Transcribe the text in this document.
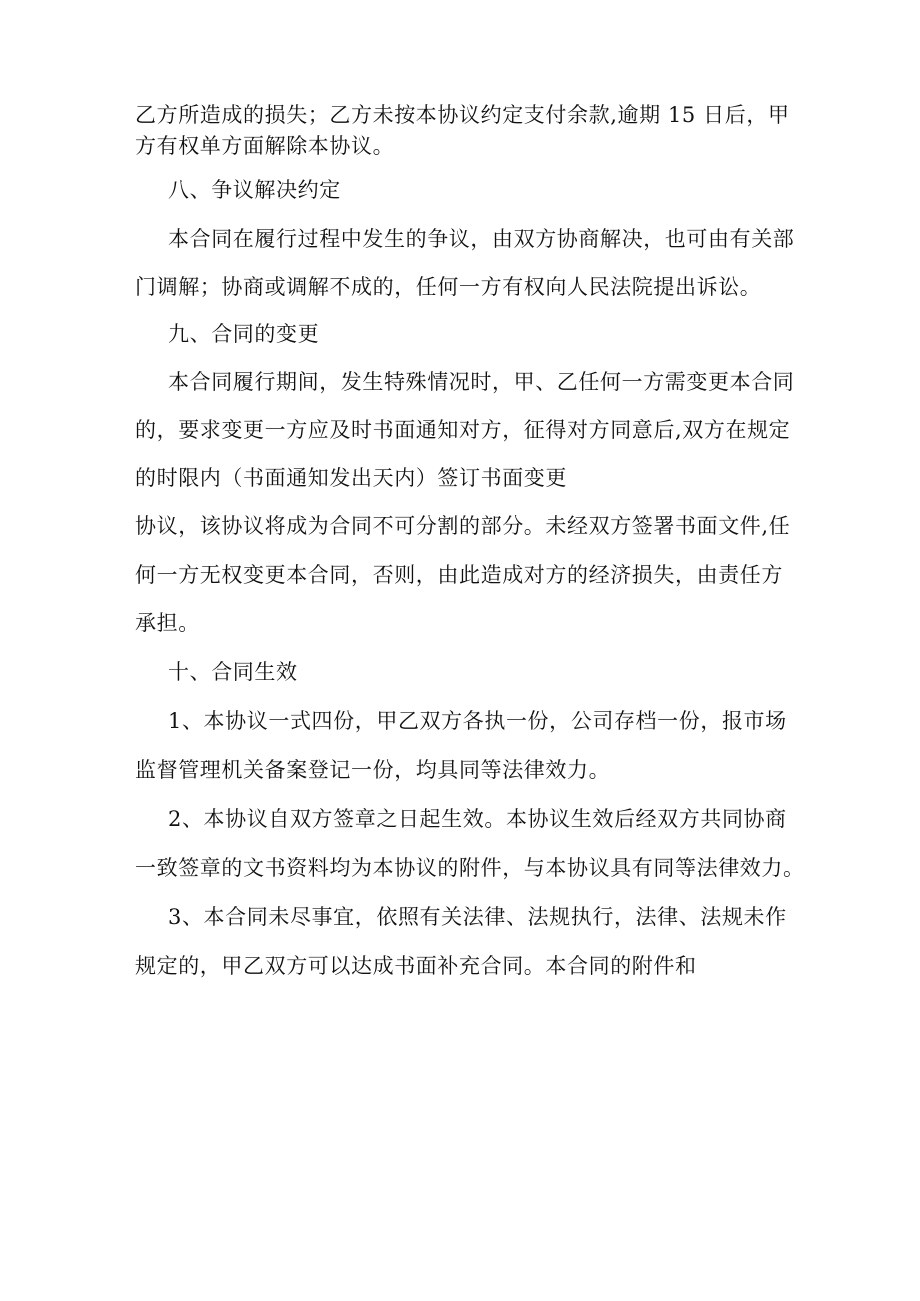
乙方所造成的损失；乙方未按本协议约定支付余款,逾期 15 日后，甲
方有权单方面解除本协议。
八、争议解决约定
本合同在履行过程中发生的争议，由双方协商解决，也可由有关部
门调解；协商或调解不成的，任何一方有权向人民法院提出诉讼。
九、合同的变更
本合同履行期间，发生特殊情况时，甲、乙任何一方需变更本合同
的，要求变更一方应及时书面通知对方，征得对方同意后,双方在规定
的时限内（书面通知发出天内）签订书面变更
协议，该协议将成为合同不可分割的部分。未经双方签署书面文件,任
何一方无权变更本合同，否则，由此造成对方的经济损失，由责任方
承担。
十、合同生效
1、本协议一式四份，甲乙双方各执一份，公司存档一份，报市场
监督管理机关备案登记一份，均具同等法律效力。
2、本协议自双方签章之日起生效。本协议生效后经双方共同协商
一致签章的文书资料均为本协议的附件，与本协议具有同等法律效力。
3、本合同未尽事宜，依照有关法律、法规执行，法律、法规未作
规定的，甲乙双方可以达成书面补充合同。本合同的附件和
